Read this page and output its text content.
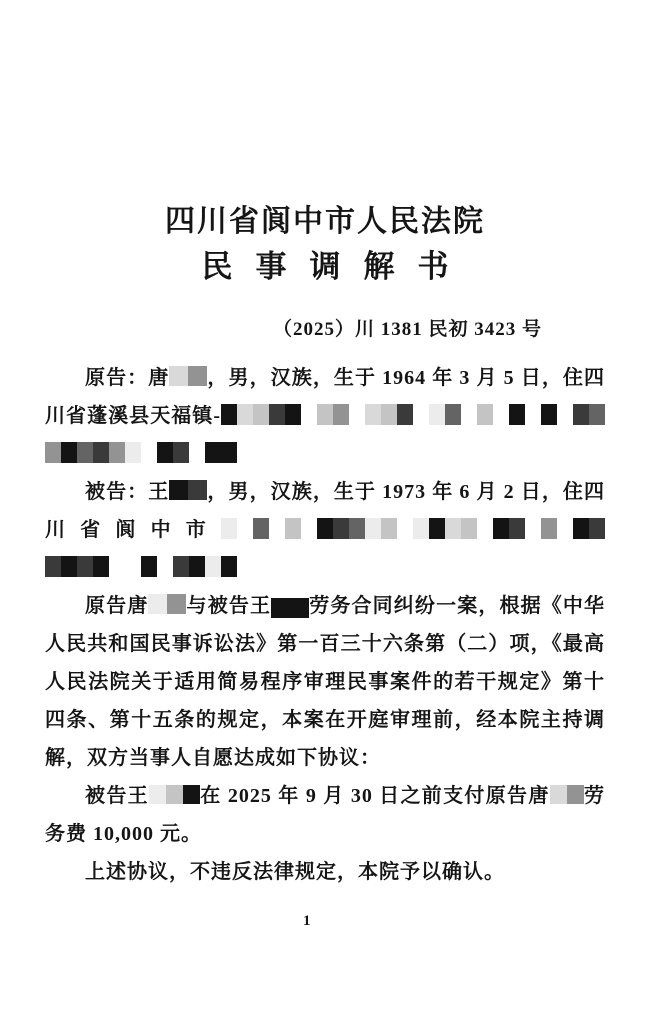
四川省阆中市人民法院
民事调解书
（2025）川 1381 民初 3423 号

原告：唐 ，男，汉族，生于 1964 年 3 月 5 日，住四川省蓬溪县天福镇-

被告：王 ，男，汉族，生于 1973 年 6 月 2 日，住四川省阆中市

原告唐 与被告王 劳务合同纠纷一案，根据《中华人民共和国民事诉讼法》第一百三十六条第（二）项，《最高人民法院关于适用简易程序审理民事案件的若干规定》第十四条、第十五条的规定，本案在开庭审理前，经本院主持调解，双方当事人自愿达成如下协议：

被告王	在 2025 年 9 月 30 日之前支付原告唐 劳务费 10,000 元。

上述协议，不违反法律规定，本院予以确认。

1
